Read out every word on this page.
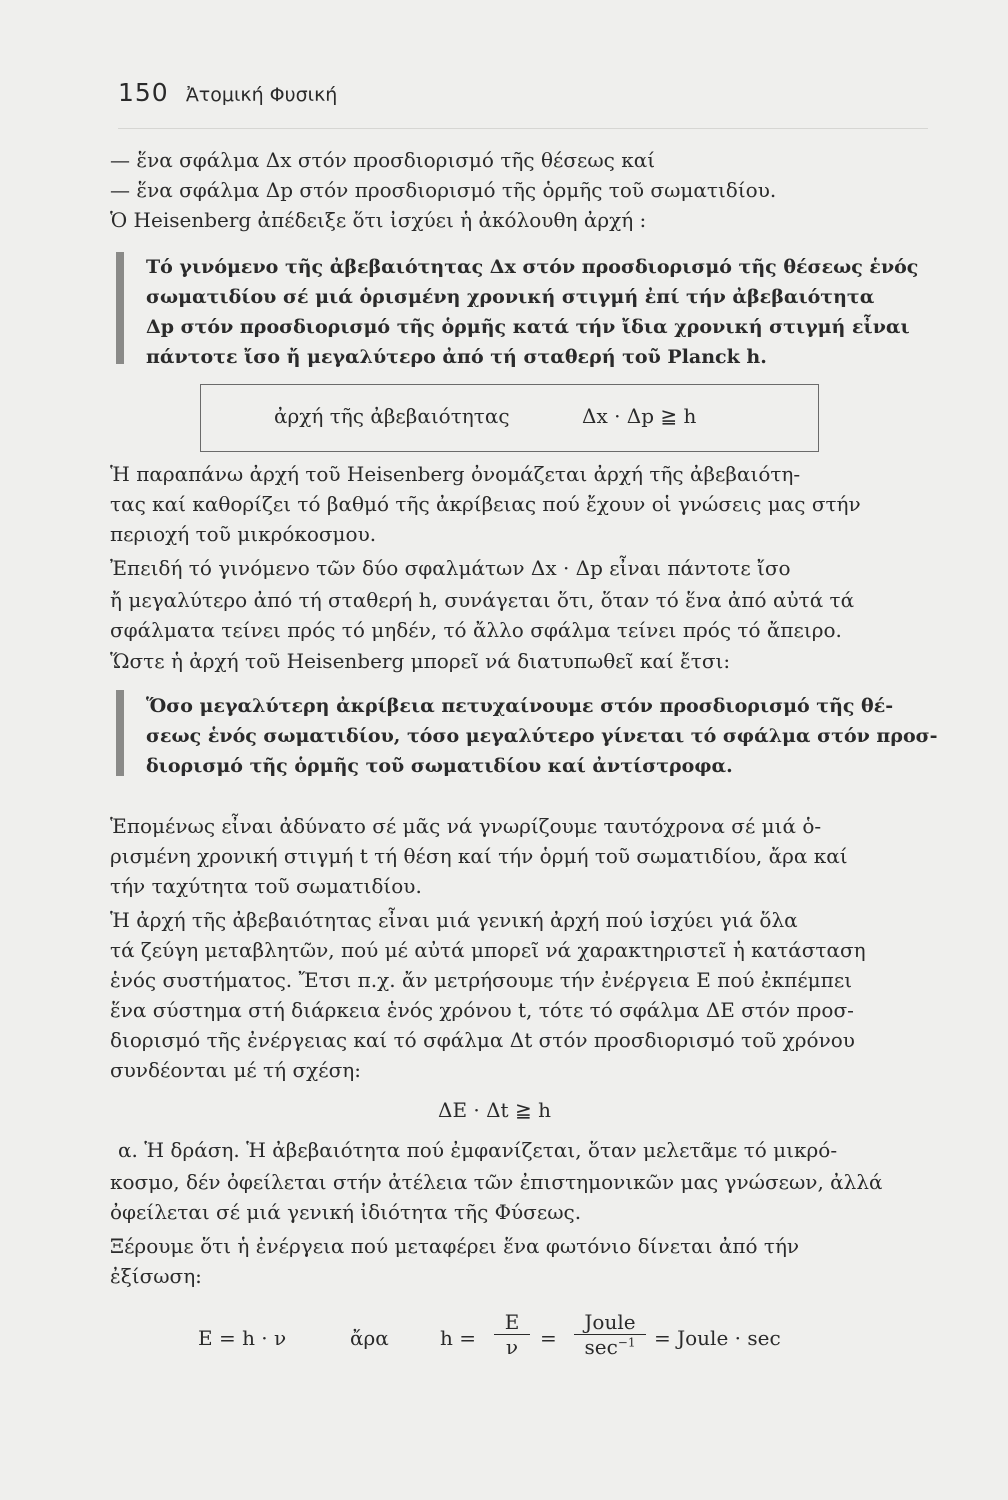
150 Ἀτομική Φυσική
— ἕνα σφάλμα Δx στόν προσδιορισμό τῆς θέσεως καί
— ἕνα σφάλμα Δp στόν προσδιορισμό τῆς ὁρμῆς τοῦ σωματιδίου.
Ὁ Heisenberg ἀπέδειξε ὅτι ἰσχύει ἡ ἀκόλουθη ἀρχή :
Τό γινόμενο τῆς ἀβεβαιότητας Δx στόν προσδιορισμό τῆς θέσεως ἑνός
σωματιδίου σέ μιά ὁρισμένη χρονική στιγμή ἐπί τήν ἀβεβαιότητα
Δp στόν προσδιορισμό τῆς ὁρμῆς κατά τήν ἴδια χρονική στιγμή εἶναι
πάντοτε ἴσο ἤ μεγαλύτερο ἀπό τή σταθερή τοῦ Planck h.
ἀρχή τῆς ἀβεβαιότητας	Δx · Δp ≧ h
Ἡ παραπάνω ἀρχή τοῦ Heisenberg ὀνομάζεται ἀρχή τῆς ἀβεβαιότη-
τας καί καθορίζει τό βαθμό τῆς ἀκρίβειας πού ἔχουν οἱ γνώσεις μας στήν
περιοχή τοῦ μικρόκοσμου.
Ἐπειδή τό γινόμενο τῶν δύο σφαλμάτων Δx · Δp εἶναι πάντοτε ἴσο
ἤ μεγαλύτερο ἀπό τή σταθερή h, συνάγεται ὅτι, ὅταν τό ἕνα ἀπό αὐτά τά
σφάλματα τείνει πρός τό μηδέν, τό ἄλλο σφάλμα τείνει πρός τό ἄπειρο.
Ὥστε ἡ ἀρχή τοῦ Heisenberg μπορεῖ νά διατυπωθεῖ καί ἔτσι:
Ὅσο μεγαλύτερη ἀκρίβεια πετυχαίνουμε στόν προσδιορισμό τῆς θέ-
σεως ἑνός σωματιδίου, τόσο μεγαλύτερο γίνεται τό σφάλμα στόν προσ-
διορισμό τῆς ὁρμῆς τοῦ σωματιδίου καί ἀντίστροφα.
Ἑπομένως εἶναι ἀδύνατο σέ μᾶς νά γνωρίζουμε ταυτόχρονα σέ μιά ὁ-
ρισμένη χρονική στιγμή t τή θέση καί τήν ὁρμή τοῦ σωματιδίου, ἄρα καί
τήν ταχύτητα τοῦ σωματιδίου.
Ἡ ἀρχή τῆς ἀβεβαιότητας εἶναι μιά γενική ἀρχή πού ἰσχύει γιά ὅλα
τά ζεύγη μεταβλητῶν, πού μέ αὐτά μπορεῖ νά χαρακτηριστεῖ ἡ κατάσταση
ἑνός συστήματος. Ἔτσι π.χ. ἄν μετρήσουμε τήν ἐνέργεια E πού ἐκπέμπει
ἕνα σύστημα στή διάρκεια ἑνός χρόνου t, τότε τό σφάλμα ΔE στόν προσ-
διορισμό τῆς ἐνέργειας καί τό σφάλμα Δt στόν προσδιορισμό τοῦ χρόνου
συνδέονται μέ τή σχέση:
ΔE · Δt ≧ h
α. Ἡ δράση. Ἡ ἀβεβαιότητα πού ἐμφανίζεται, ὅταν μελετᾶμε τό μικρό-
κοσμο, δέν ὀφείλεται στήν ἀτέλεια τῶν ἐπιστημονικῶν μας γνώσεων, ἀλλά
ὀφείλεται σέ μιά γενική ἰδιότητα τῆς Φύσεως.
Ξέρουμε ὅτι ἡ ἐνέργεια πού μεταφέρει ἕνα φωτόνιο δίνεται ἀπό τήν
ἐξίσωση:
E = h · ν	ἄρα	$h = \frac{E}{\nu}$ =
Joule
$\sec^{-1}$ = Joule · sec
